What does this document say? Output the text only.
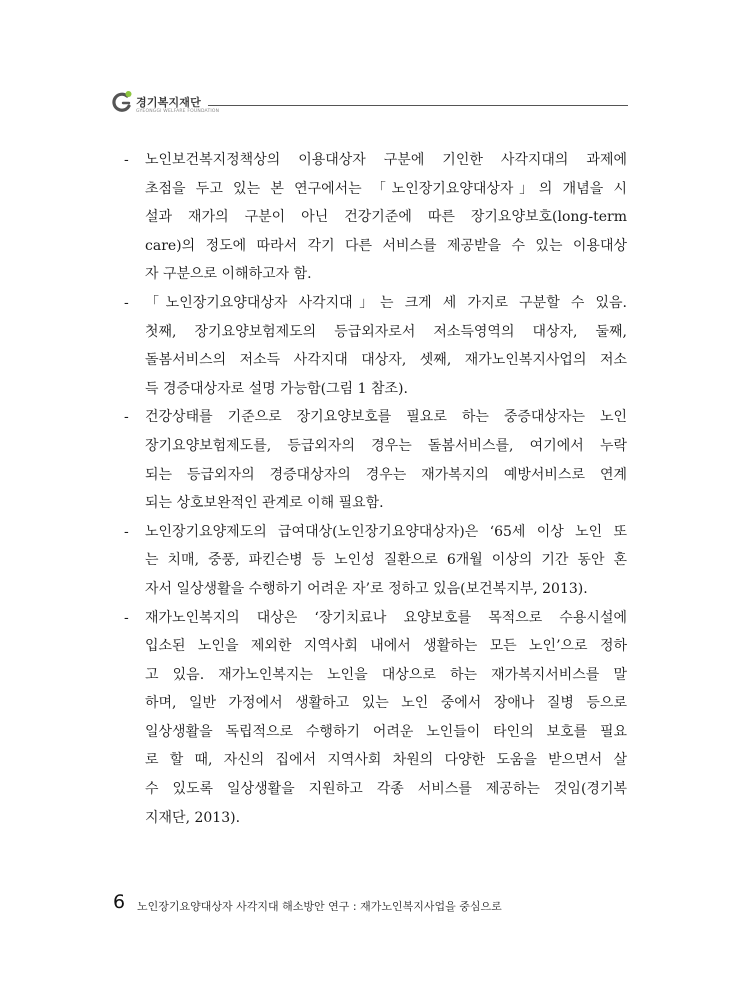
경기복지재단
GYEONGGI WELFARE FOUNDATION
-	노인보건복지정책상의 이용대상자 구분에 기인한 사각지대의 과제에
초점을 두고 있는 본 연구에서는 「노인장기요양대상자」의 개념을 시
설과 재가의 구분이 아닌 건강기준에 따른 장기요양보호(long-term
care)의 정도에 따라서 각기 다른 서비스를 제공받을 수 있는 이용대상
자 구분으로 이해하고자 함.
-	「노인장기요양대상자 사각지대」는 크게 세 가지로 구분할 수 있음.
첫째, 장기요양보험제도의 등급외자로서 저소득영역의 대상자, 둘째,
돌봄서비스의 저소득 사각지대 대상자, 셋째, 재가노인복지사업의 저소
득 경증대상자로 설명 가능함(그림 1 참조).
-	건강상태를 기준으로 장기요양보호를 필요로 하는 중증대상자는 노인
장기요양보험제도를, 등급외자의 경우는 돌봄서비스를, 여기에서 누락
되는 등급외자의 경증대상자의 경우는 재가복지의 예방서비스로 연계
되는 상호보완적인 관계로 이해 필요함.
-	노인장기요양제도의 급여대상(노인장기요양대상자)은 ‘65세 이상 노인 또
는 치매, 중풍, 파킨슨병 등 노인성 질환으로 6개월 이상의 기간 동안 혼
자서 일상생활을 수행하기 어려운 자’로 정하고 있음(보건복지부, 2013).
-	재가노인복지의 대상은 ‘장기치료나 요양보호를 목적으로 수용시설에
입소된 노인을 제외한 지역사회 내에서 생활하는 모든 노인’으로 정하
고 있음. 재가노인복지는 노인을 대상으로 하는 재가복지서비스를 말
하며, 일반 가정에서 생활하고 있는 노인 중에서 장애나 질병 등으로
일상생활을 독립적으로 수행하기 어려운 노인들이 타인의 보호를 필요
로 할 때, 자신의 집에서 지역사회 차원의 다양한 도움을 받으면서 살
수 있도록 일상생활을 지원하고 각종 서비스를 제공하는 것임(경기복
지재단, 2013).
6 노인장기요양대상자 사각지대 해소방안 연구 : 재가노인복지사업을 중심으로
